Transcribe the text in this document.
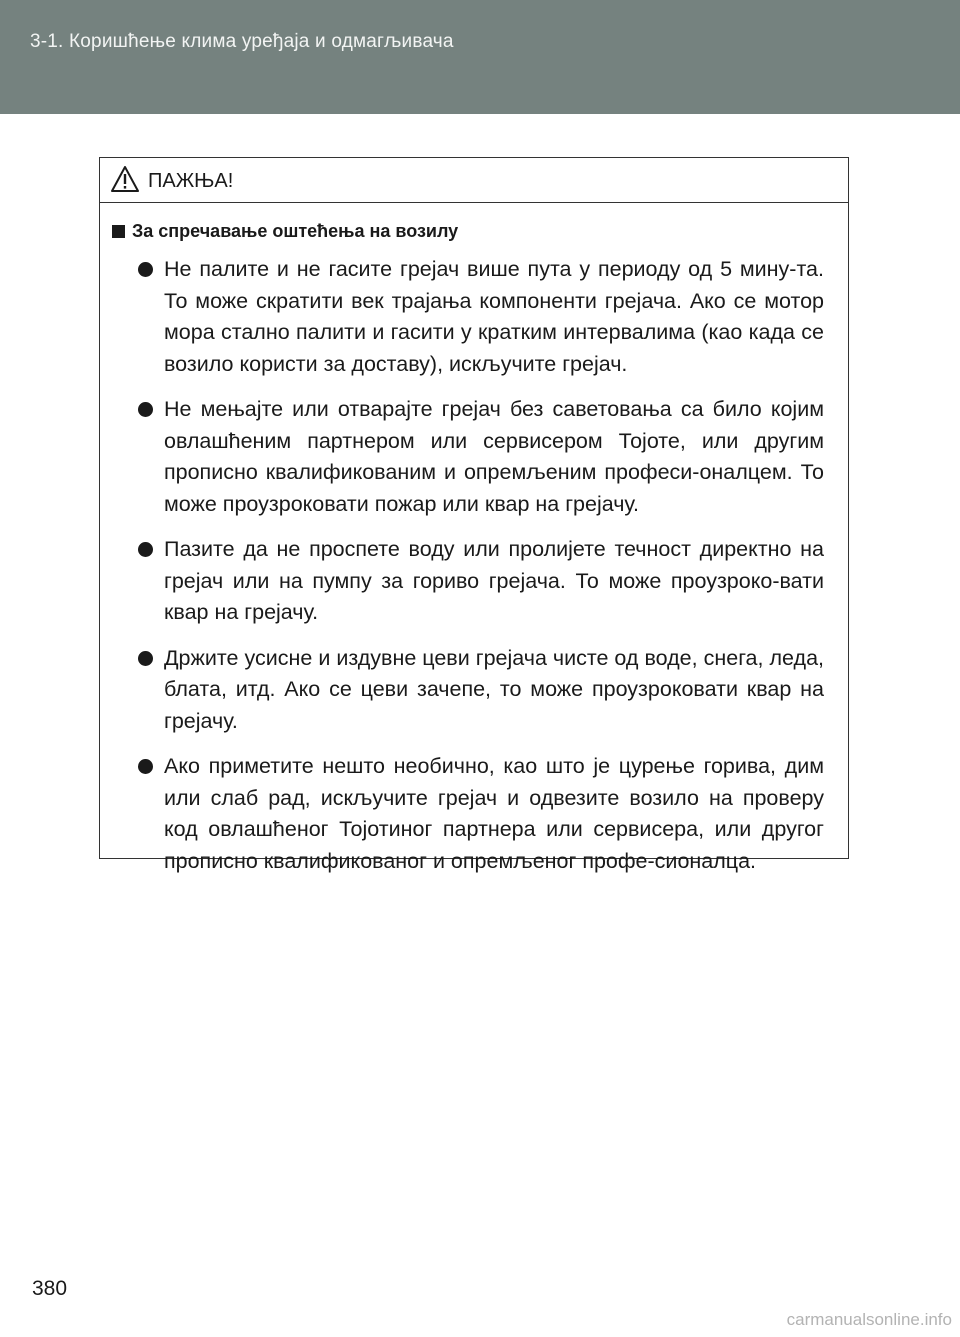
3-1. Коришћење клима уређаја и одмагљивача
ПАЖЊА!
За спречавање оштећења на возилу
Не палите и не гасите грејач више пута у периоду од 5 мину-та. То може скратити век трајања компоненти грејача. Ако се мотор мора стално палити и гасити у кратким интервалима (као када се возило користи за доставу), искључите грејач.
Не мењајте или отварајте грејач без саветовања са било којим овлашћеним партнером или сервисером Тојоте, или другим прописно квалификованим и опремљеним професи-оналцем. То може проузроковати пожар или квар на грејачу.
Пазите да не проспете воду или пролијете течност директно на грејач или на пумпу за гориво грејача. То може проузроко-вати квар на грејачу.
Држите усисне и издувне цеви грејача чисте од воде, снега, леда, блата, итд. Ако се цеви зачепе, то може проузроковати квар на грејачу.
Ако приметите нешто необично, као што је цурење горива, дим или слаб рад, искључите грејач и одвезите возило на проверу код овлашћеног Тојотиног партнера или сервисера, или другог прописно квалификованог и опремљеног профе-сионалца.
380
carmanualsonline.info
